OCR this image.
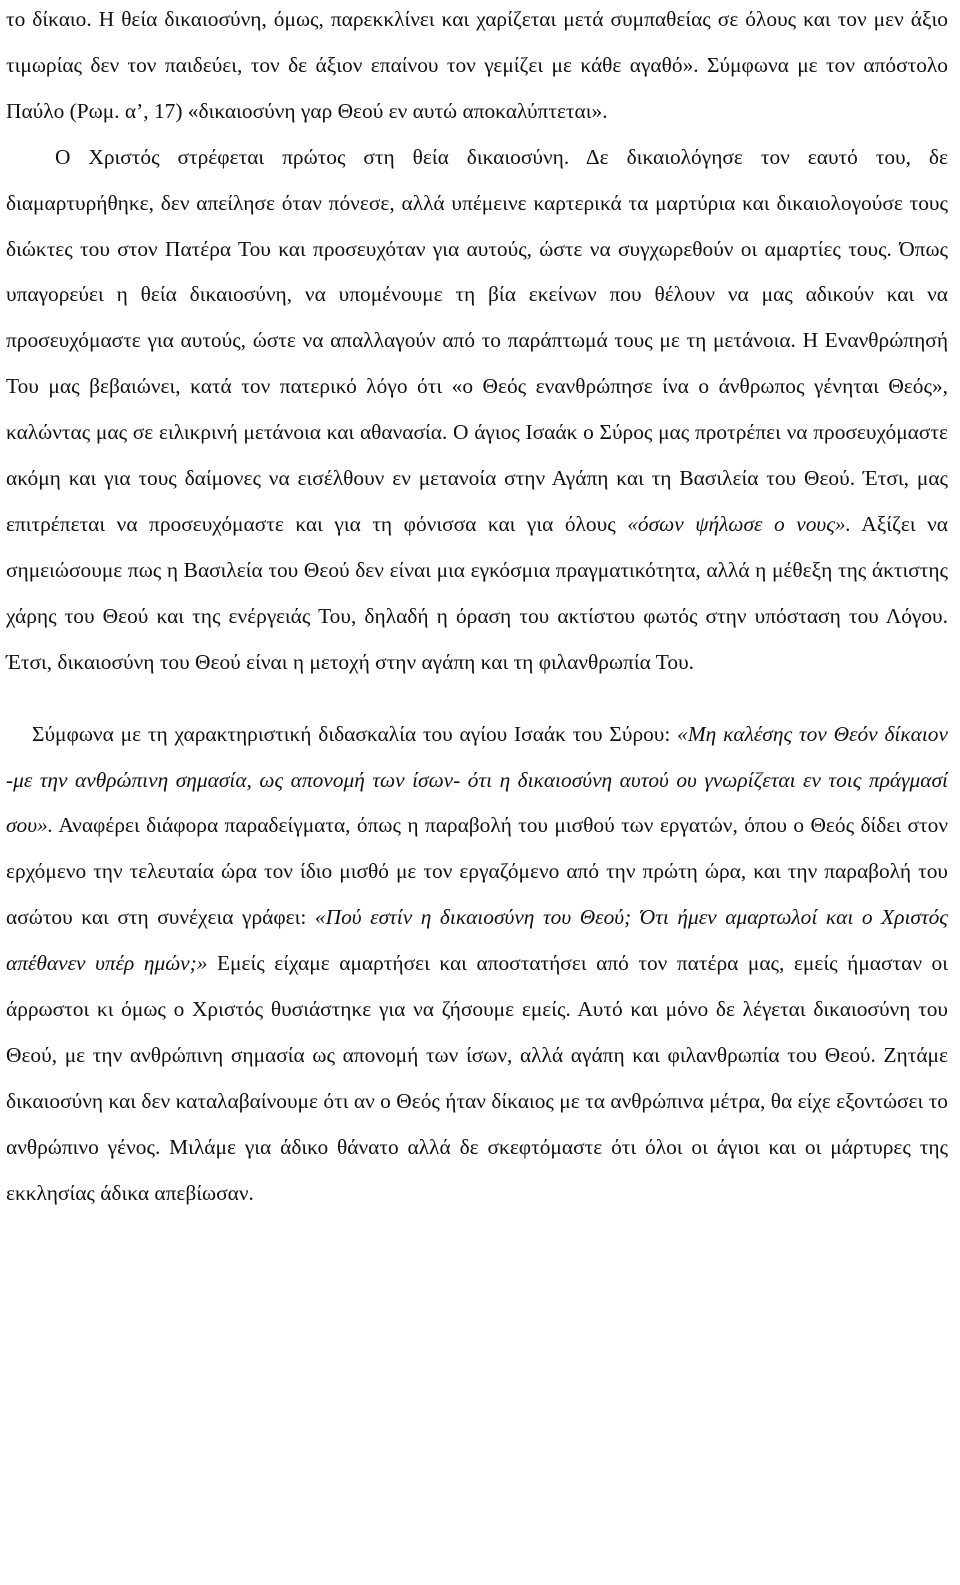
το δίκαιο. Η θεία δικαιοσύνη, όμως, παρεκκλίνει και χαρίζεται μετά συμπαθείας σε όλους και τον μεν άξιο τιμωρίας δεν τον παιδεύει, τον δε άξιον επαίνου τον γεμίζει με κάθε αγαθό». Σύμφωνα με τον απόστολο Παύλο (Ρωμ. α’, 17) «δικαιοσύνη γαρ Θεού εν αυτώ αποκαλύπτεται».

Ο Χριστός στρέφεται πρώτος στη θεία δικαιοσύνη. Δε δικαιολόγησε τον εαυτό του, δε διαμαρτυρήθηκε, δεν απείλησε όταν πόνεσε, αλλά υπέμεινε καρτερικά τα μαρτύρια και δικαιολογούσε τους διώκτες του στον Πατέρα Του και προσευχόταν για αυτούς, ώστε να συγχωρεθούν οι αμαρτίες τους. Όπως υπαγορεύει η θεία δικαιοσύνη, να υπομένουμε τη βία εκείνων που θέλουν να μας αδικούν και να προσευχόμαστε για αυτούς, ώστε να απαλλαγούν από το παράπτωμά τους με τη μετάνοια. Η Ενανθρώπησή Του μας βεβαιώνει, κατά τον πατερικό λόγο ότι «ο Θεός ενανθρώπησε ίνα ο άνθρωπος γένηται Θεός», καλώντας μας σε ειλικρινή μετάνοια και αθανασία. Ο άγιος Ισαάκ ο Σύρος μας προτρέπει να προσευχόμαστε ακόμη και για τους δαίμονες να εισέλθουν εν μετανοία στην Αγάπη και τη Βασιλεία του Θεού. Έτσι, μας επιτρέπεται να προσευχόμαστε και για τη φόνισσα και για όλους «όσων ψήλωσε ο νους». Αξίζει να σημειώσουμε πως η Βασιλεία του Θεού δεν είναι μια εγκόσμια πραγματικότητα, αλλά η μέθεξη της άκτιστης χάρης του Θεού και της ενέργειάς Του, δηλαδή η όραση του ακτίστου φωτός στην υπόσταση του Λόγου. Έτσι, δικαιοσύνη του Θεού είναι η μετοχή στην αγάπη και τη φιλανθρωπία Του.

Σύμφωνα με τη χαρακτηριστική διδασκαλία του αγίου Ισαάκ του Σύρου: «Μη καλέσης τον Θεόν δίκαιον -με την ανθρώπινη σημασία, ως απονομή των ίσων- ότι η δικαιοσύνη αυτού ου γνωρίζεται εν τοις πράγμασί σου». Αναφέρει διάφορα παραδείγματα, όπως η παραβολή του μισθού των εργατών, όπου ο Θεός δίδει στον ερχόμενο την τελευταία ώρα τον ίδιο μισθό με τον εργαζόμενο από την πρώτη ώρα, και την παραβολή του ασώτου και στη συνέχεια γράφει: «Πού εστίν η δικαιοσύνη του Θεού; Ότι ήμεν αμαρτωλοί και ο Χριστός απέθανεν υπέρ ημών;» Εμείς είχαμε αμαρτήσει και αποστατήσει από τον πατέρα μας, εμείς ήμασταν οι άρρωστοι κι όμως ο Χριστός θυσιάστηκε για να ζήσουμε εμείς. Αυτό και μόνο δε λέγεται δικαιοσύνη του Θεού, με την ανθρώπινη σημασία ως απονομή των ίσων, αλλά αγάπη και φιλανθρωπία του Θεού. Ζητάμε δικαιοσύνη και δεν καταλαβαίνουμε ότι αν ο Θεός ήταν δίκαιος με τα ανθρώπινα μέτρα, θα είχε εξοντώσει το ανθρώπινο γένος. Μιλάμε για άδικο θάνατο αλλά δε σκεφτόμαστε ότι όλοι οι άγιοι και οι μάρτυρες της εκκλησίας άδικα απεβίωσαν.
